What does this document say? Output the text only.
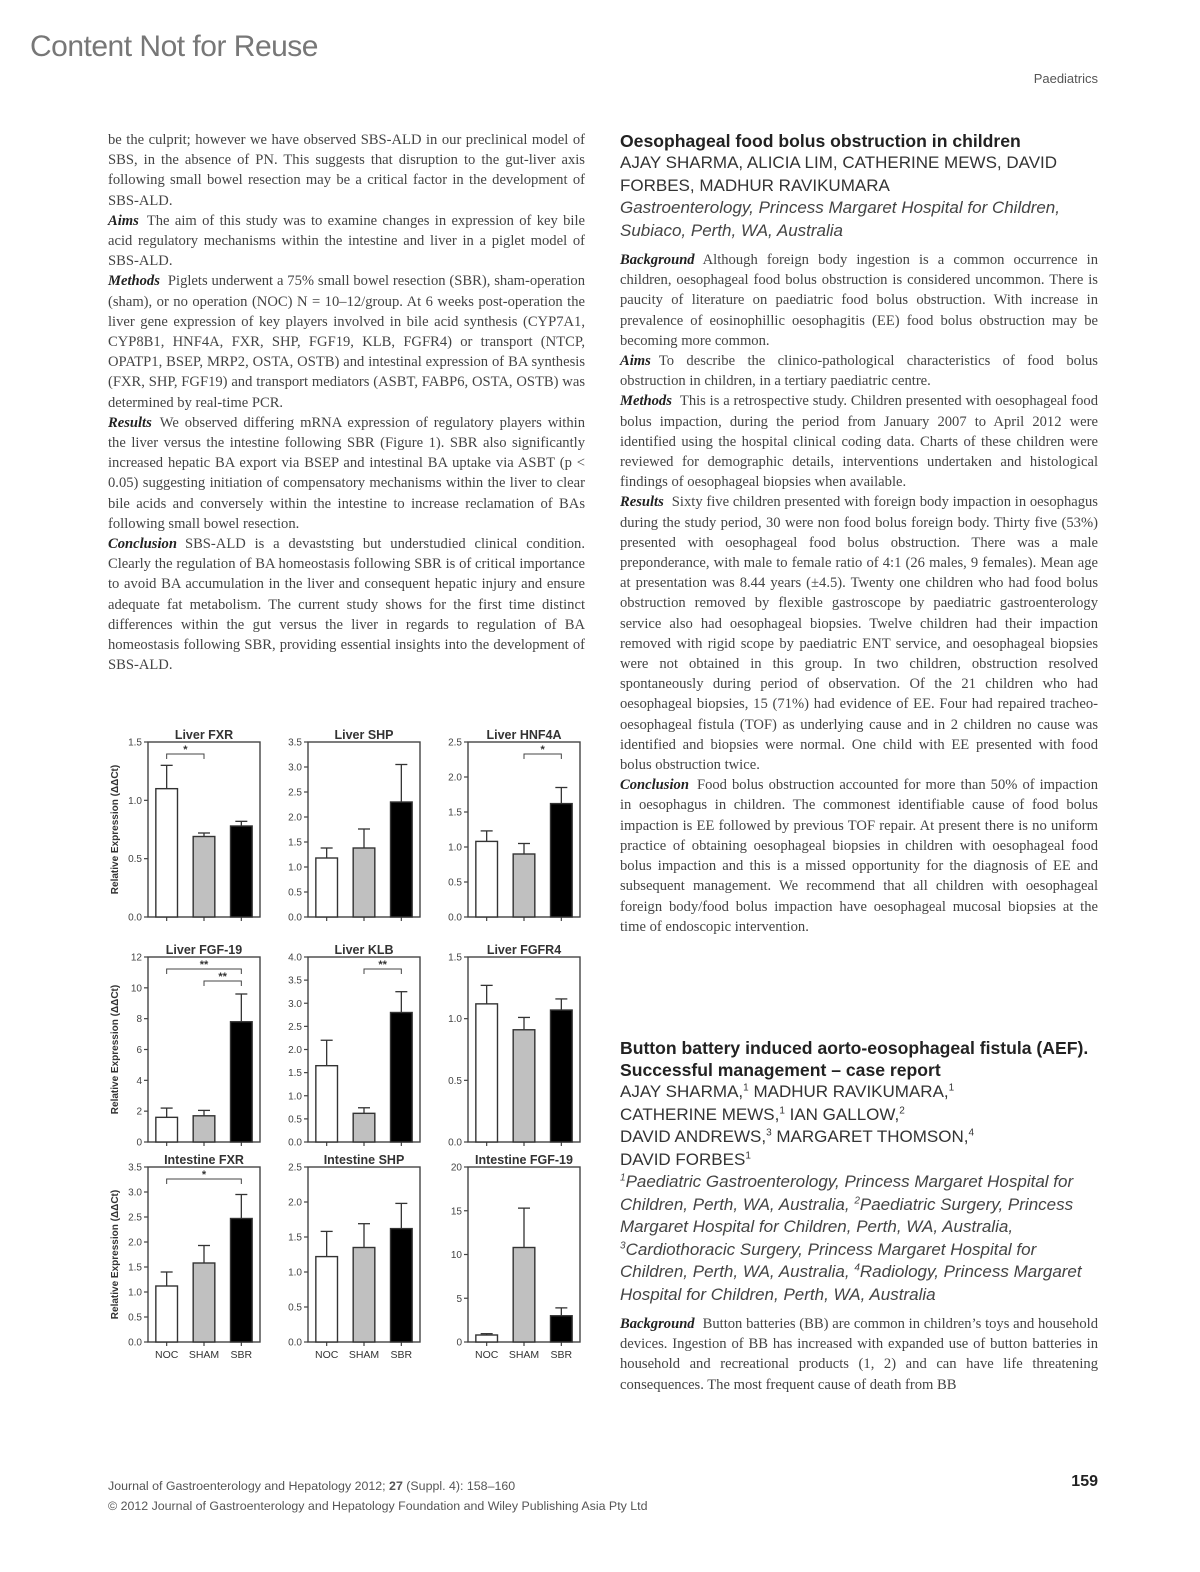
Content Not for Reuse
Paediatrics

be the culprit; however we have observed SBS-ALD in our preclinical model of SBS, in the absence of PN. This suggests that disruption to the gut-liver axis following small bowel resection may be a critical factor in the development of SBS-ALD.

Aims The aim of this study was to examine changes in expression of key bile acid regulatory mechanisms within the intestine and liver in a piglet model of SBS-ALD.

Methods Piglets underwent a 75% small bowel resection (SBR), sham-operation (sham), or no operation (NOC) N = 10–12/group. At 6 weeks post-operation the liver gene expression of key players involved in bile acid synthesis (CYP7A1, CYP8B1, HNF4A, FXR, SHP, FGF19, KLB, FGFR4) or transport (NTCP, OPATP1, BSEP, MRP2, OSTA, OSTB) and intestinal expression of BA synthesis (FXR, SHP, FGF19) and transport mediators (ASBT, FABP6, OSTA, OSTB) was determined by real-time PCR.

Results We observed differing mRNA expression of regulatory players within the liver versus the intestine following SBR (Figure 1). SBR also significantly increased hepatic BA export via BSEP and intestinal BA uptake via ASBT (p < 0.05) suggesting initiation of compensatory mechanisms within the liver to clear bile acids and conversely within the intestine to increase reclamation of BAs following small bowel resection.

Conclusion SBS-ALD is a devaststing but understudied clinical condition. Clearly the regulation of BA homeostasis following SBR is of critical importance to avoid BA accumulation in the liver and consequent hepatic injury and ensure adequate fat metabolism. The current study shows for the first time distinct differences within the gut versus the liver in regards to regulation of BA homeostasis following SBR, providing essential insights into the development of SBS-ALD.

Liver FXR
0.0
0.5
1.0
1.5
Relative Expression (ΔΔCt)
*
Liver SHP
0.0
0.5
1.0
1.5
2.0
2.5
3.0
3.5
Liver HNF4A
0.0
0.5
1.0
1.5
2.0
2.5
*
Liver FGF-19
0
2
4
6
8
10
12
Relative Expression (ΔΔCt)
**
**
Liver KLB
0.0
0.5
1.0
1.5
2.0
2.5
3.0
3.5
4.0
**
Liver FGFR4
0.0
0.5
1.0
1.5
Intestine FXR
0.0
0.5
1.0
1.5
2.0
2.5
3.0
3.5
Relative Expression (ΔΔCt)
NOC SHAM SBR
*
Intestine SHP
0.0
0.5
1.0
1.5
2.0
2.5
NOC SHAM SBR
Intestine FGF-19
0
5
10
15
20
NOC SHAM SBR
Oesophageal food bolus obstruction in children
AJAY SHARMA, ALICIA LIM, CATHERINE MEWS, DAVID FORBES, MADHUR RAVIKUMARA
Gastroenterology, Princess Margaret Hospital for Children, Subiaco, Perth, WA, Australia

Background Although foreign body ingestion is a common occurrence in children, oesophageal food bolus obstruction is considered uncommon. There is paucity of literature on paediatric food bolus obstruction. With increase in prevalence of eosinophillic oesophagitis (EE) food bolus obstruction may be becoming more common.

Aims To describe the clinico-pathological characteristics of food bolus obstruction in children, in a tertiary paediatric centre.

Methods This is a retrospective study. Children presented with oesophageal food bolus impaction, during the period from January 2007 to April 2012 were identified using the hospital clinical coding data. Charts of these children were reviewed for demographic details, interventions undertaken and histological findings of oesophageal biopsies when available.

Results Sixty five children presented with foreign body impaction in oesophagus during the study period, 30 were non food bolus foreign body. Thirty five (53%) presented with oesophageal food bolus obstruction. There was a male preponderance, with male to female ratio of 4:1 (26 males, 9 females). Mean age at presentation was 8.44 years (±4.5). Twenty one children who had food bolus obstruction removed by flexible gastroscope by paediatric gastroenterology service also had oesophageal biopsies. Twelve children had their impaction removed with rigid scope by paediatric ENT service, and oesophageal biopsies were not obtained in this group. In two children, obstruction resolved spontaneously during period of observation. Of the 21 children who had oesophageal biopsies, 15 (71%) had evidence of EE. Four had repaired tracheo-oesophageal fistula (TOF) as underlying cause and in 2 children no cause was identified and biopsies were normal. One child with EE presented with food bolus obstruction twice.

Conclusion Food bolus obstruction accounted for more than 50% of impaction in oesophagus in children. The commonest identifiable cause of food bolus impaction is EE followed by previous TOF repair. At present there is no uniform practice of obtaining oesophageal biopsies in children with oesophageal food bolus impaction and this is a missed opportunity for the diagnosis of EE and subsequent management. We recommend that all children with oesophageal foreign body/food bolus impaction have oesophageal mucosal biopsies at the time of endoscopic intervention.

Button battery induced aorto-eosophageal fistula (AEF). Successful management – case report
AJAY SHARMA,$^1$ MADHUR RAVIKUMARA,$^1$
CATHERINE MEWS,$^1$ IAN GALLOW,$^2$
DAVID ANDREWS,$^3$ MARGARET THOMSON,$^4$
DAVID FORBES$^1$
$^1$Paediatric Gastroenterology, Princess Margaret Hospital for Children, Perth, WA, Australia, $^2$Paediatric Surgery, Princess Margaret Hospital for Children, Perth, WA, Australia, $^3$Cardiothoracic Surgery, Princess Margaret Hospital for Children, Perth, WA, Australia, $^4$Radiology, Princess Margaret Hospital for Children, Perth, WA, Australia
Background Button batteries (BB) are common in children’s toys and household devices. Ingestion of BB has increased with expanded use of button batteries in household and recreational products (1, 2) and can have life threatening consequences. The most frequent cause of death from BB
Journal of Gastroenterology and Hepatology 2012; 27 (Suppl. 4): 158–160
© 2012 Journal of Gastroenterology and Hepatology Foundation and Wiley Publishing Asia Pty Ltd
159
